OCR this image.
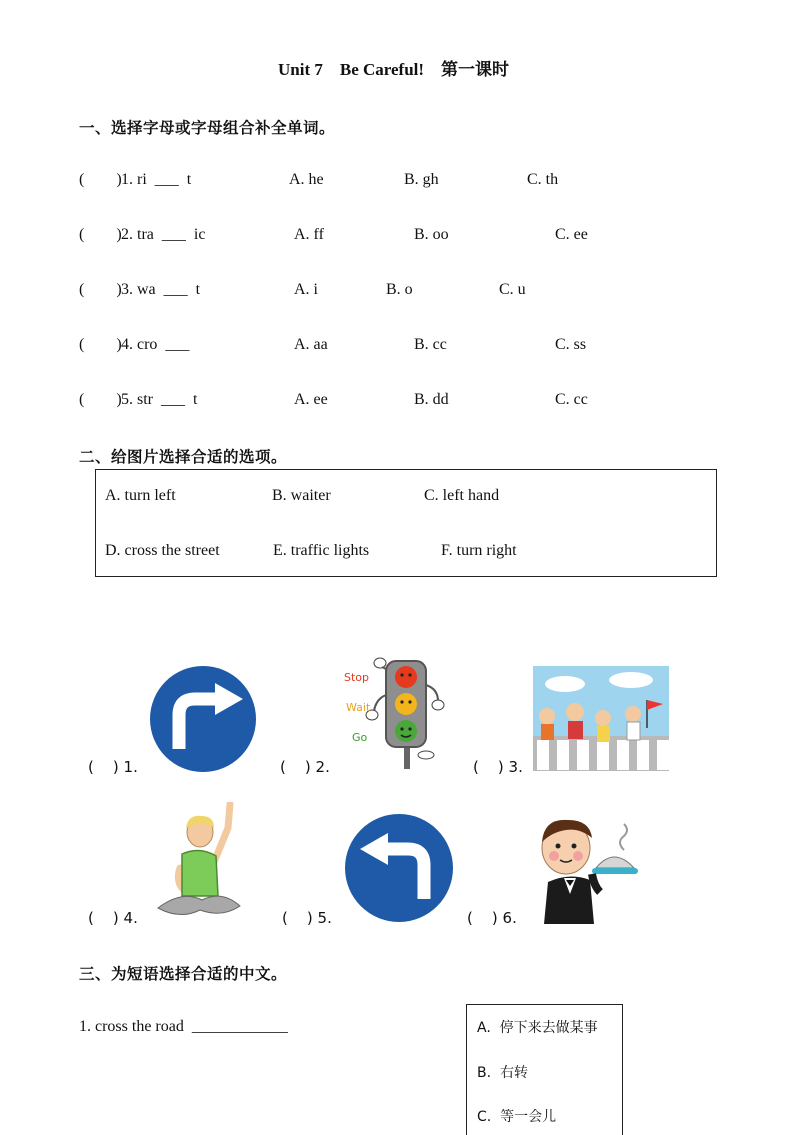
Unit 7    Be Careful!    第一课时
一、选择字母或字母组合补全单词。
(        ) 1. ri  ___  t	A. he	B. gh	C. th
(        ) 2. tra  ___  ic	A. ff	B. oo	C. ee
(        ) 3. wa  ___  t	A. i	B. o	C. u
(        ) 4. cro  ___	A. aa	B. cc	C. ss
(        ) 5. str  ___  t	A. ee	B. dd	C. cc
二、给图片选择合适的选项。
A. turn left	B. waiter	C. left hand
D. cross the street	E. traffic lights	F. turn right
(    ) 1.
Stop
Wait
Go
(    ) 2.	(    ) 3.
(    ) 4.	(    ) 5.	(    ) 6.
三、为短语选择合适的中文。
1. cross the road  ____________	A.  停下来去做某事
B.  右转
C.  等一会儿
